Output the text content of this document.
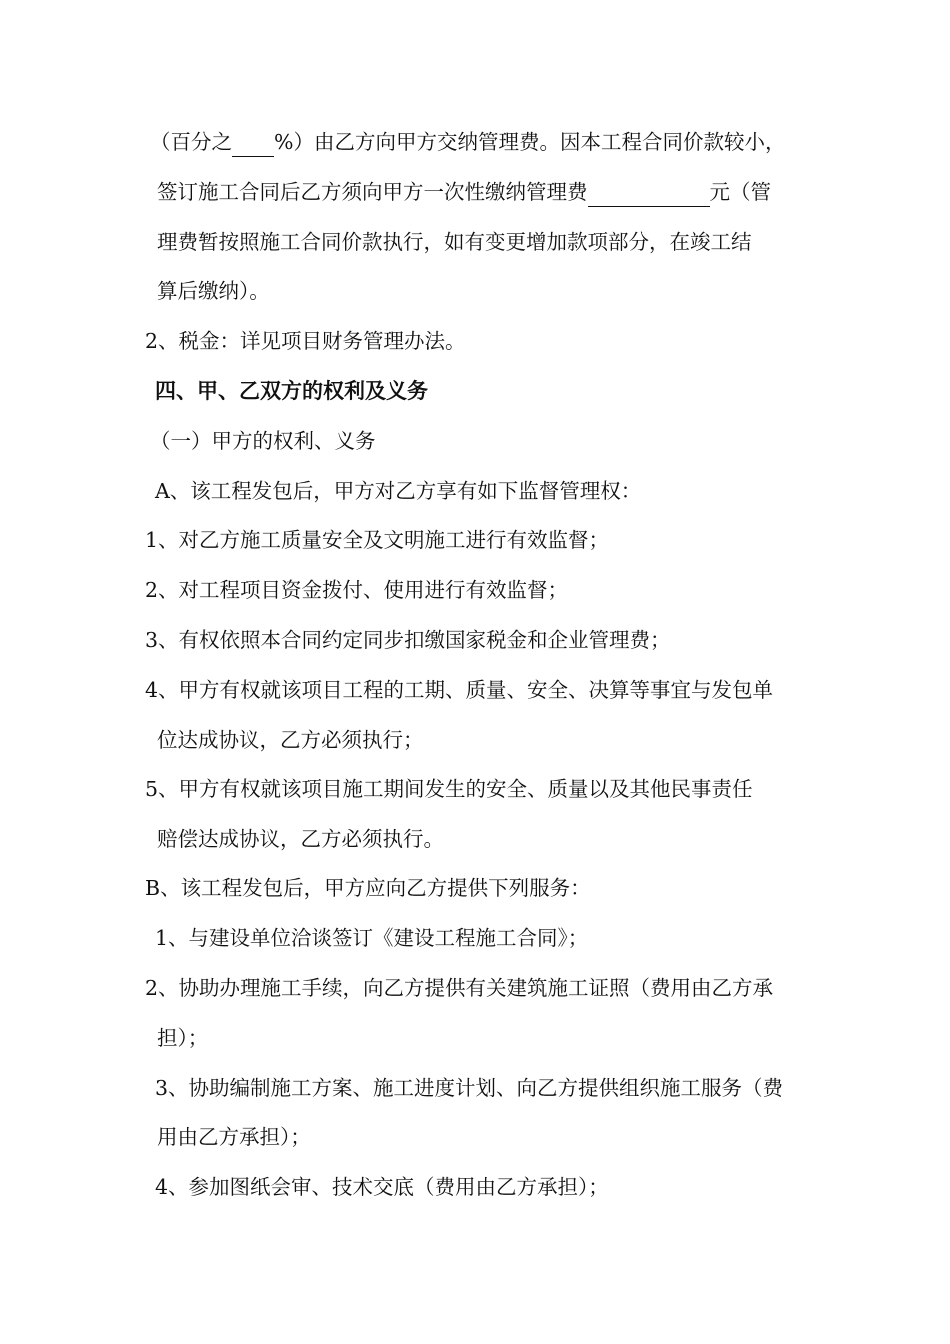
（百分之 %）由乙方向甲方交纳管理费。因本工程合同价款较小，
签订施工合同后乙方须向甲方一次性缴纳管理费	元（管
理费暂按照施工合同价款执行，如有变更增加款项部分，在竣工结
算后缴纳）。
2、税金：详见项目财务管理办法。
四、甲、乙双方的权利及义务
（一）甲方的权利、义务
A、该工程发包后，甲方对乙方享有如下监督管理权：
1、对乙方施工质量安全及文明施工进行有效监督；
2、对工程项目资金拨付、使用进行有效监督；
3、有权依照本合同约定同步扣缴国家税金和企业管理费；
4、甲方有权就该项目工程的工期、质量、安全、决算等事宜与发包单
位达成协议，乙方必须执行；
5、甲方有权就该项目施工期间发生的安全、质量以及其他民事责任
赔偿达成协议，乙方必须执行。
B、该工程发包后，甲方应向乙方提供下列服务：
1、与建设单位洽谈签订《建设工程施工合同》；
2、协助办理施工手续，向乙方提供有关建筑施工证照（费用由乙方承
担）；
3、协助编制施工方案、施工进度计划、向乙方提供组织施工服务（费
用由乙方承担）；
4、参加图纸会审、技术交底（费用由乙方承担）；
